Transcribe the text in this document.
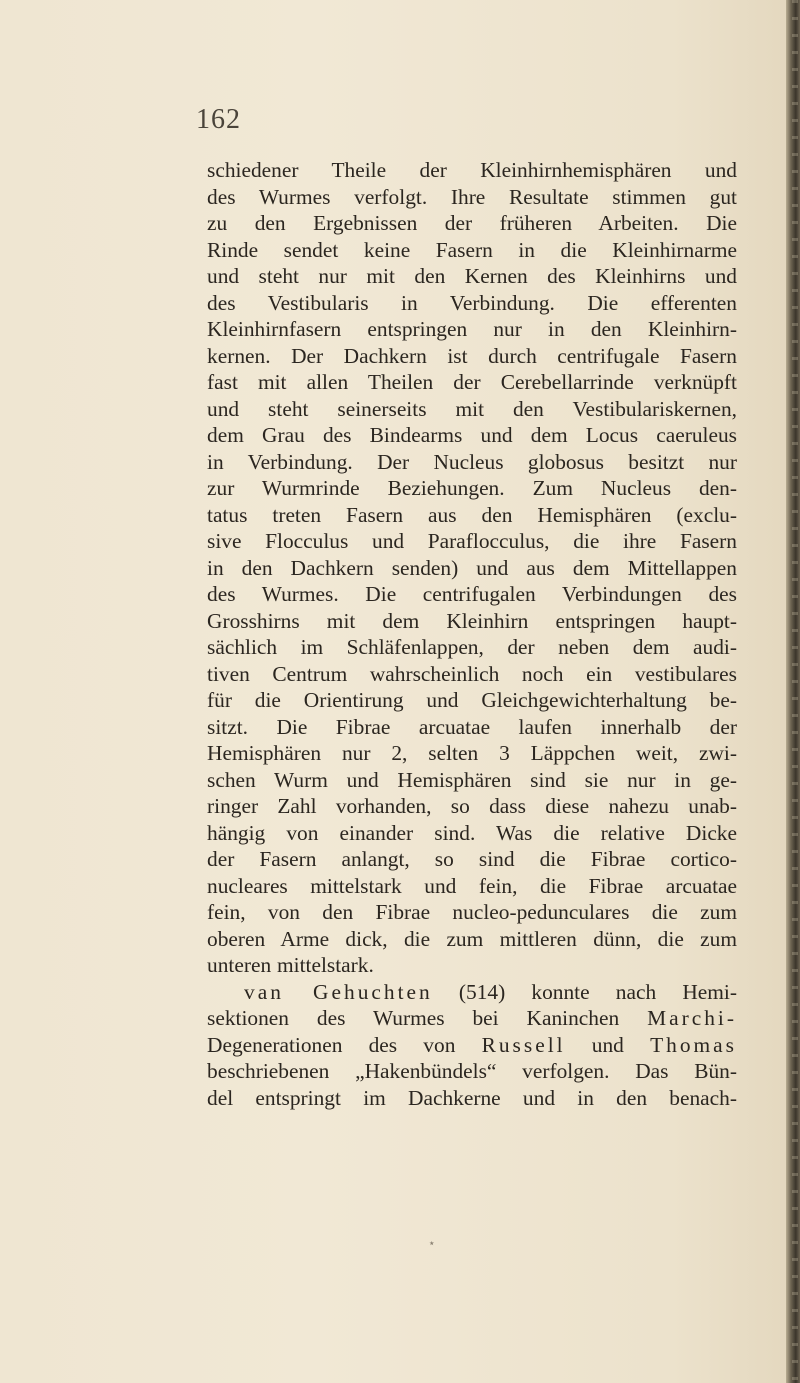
162
schiedener Theile der Kleinhirnhemisphären und
des Wurmes verfolgt. Ihre Resultate stimmen gut
zu den Ergebnissen der früheren Arbeiten. Die
Rinde sendet keine Fasern in die Kleinhirnarme
und steht nur mit den Kernen des Kleinhirns und
des Vestibularis in Verbindung. Die efferenten
Kleinhirnfasern entspringen nur in den Kleinhirn-
kernen. Der Dachkern ist durch centrifugale Fasern
fast mit allen Theilen der Cerebellarrinde verknüpft
und steht seinerseits mit den Vestibulariskernen,
dem Grau des Bindearms und dem Locus caeruleus
in Verbindung. Der Nucleus globosus besitzt nur
zur Wurmrinde Beziehungen. Zum Nucleus den-
tatus treten Fasern aus den Hemisphären (exclu-
sive Flocculus und Paraflocculus, die ihre Fasern
in den Dachkern senden) und aus dem Mittellappen
des Wurmes. Die centrifugalen Verbindungen des
Grosshirns mit dem Kleinhirn entspringen haupt-
sächlich im Schläfenlappen, der neben dem audi-
tiven Centrum wahrscheinlich noch ein vestibulares
für die Orientirung und Gleichgewichterhaltung be-
sitzt. Die Fibrae arcuatae laufen innerhalb der
Hemisphären nur 2, selten 3 Läppchen weit, zwi-
schen Wurm und Hemisphären sind sie nur in ge-
ringer Zahl vorhanden, so dass diese nahezu unab-
hängig von einander sind. Was die relative Dicke
der Fasern anlangt, so sind die Fibrae cortico-
nucleares mittelstark und fein, die Fibrae arcuatae
fein, von den Fibrae nucleo-pedunculares die zum
oberen Arme dick, die zum mittleren dünn, die zum
unteren mittelstark.
van Gehuchten (514) konnte nach Hemi-
sektionen des Wurmes bei Kaninchen Marchi-
Degenerationen des von Russell und Thomas
beschriebenen „Hakenbündels“ verfolgen. Das Bün-
del entspringt im Dachkerne und in den benach-
⋆
